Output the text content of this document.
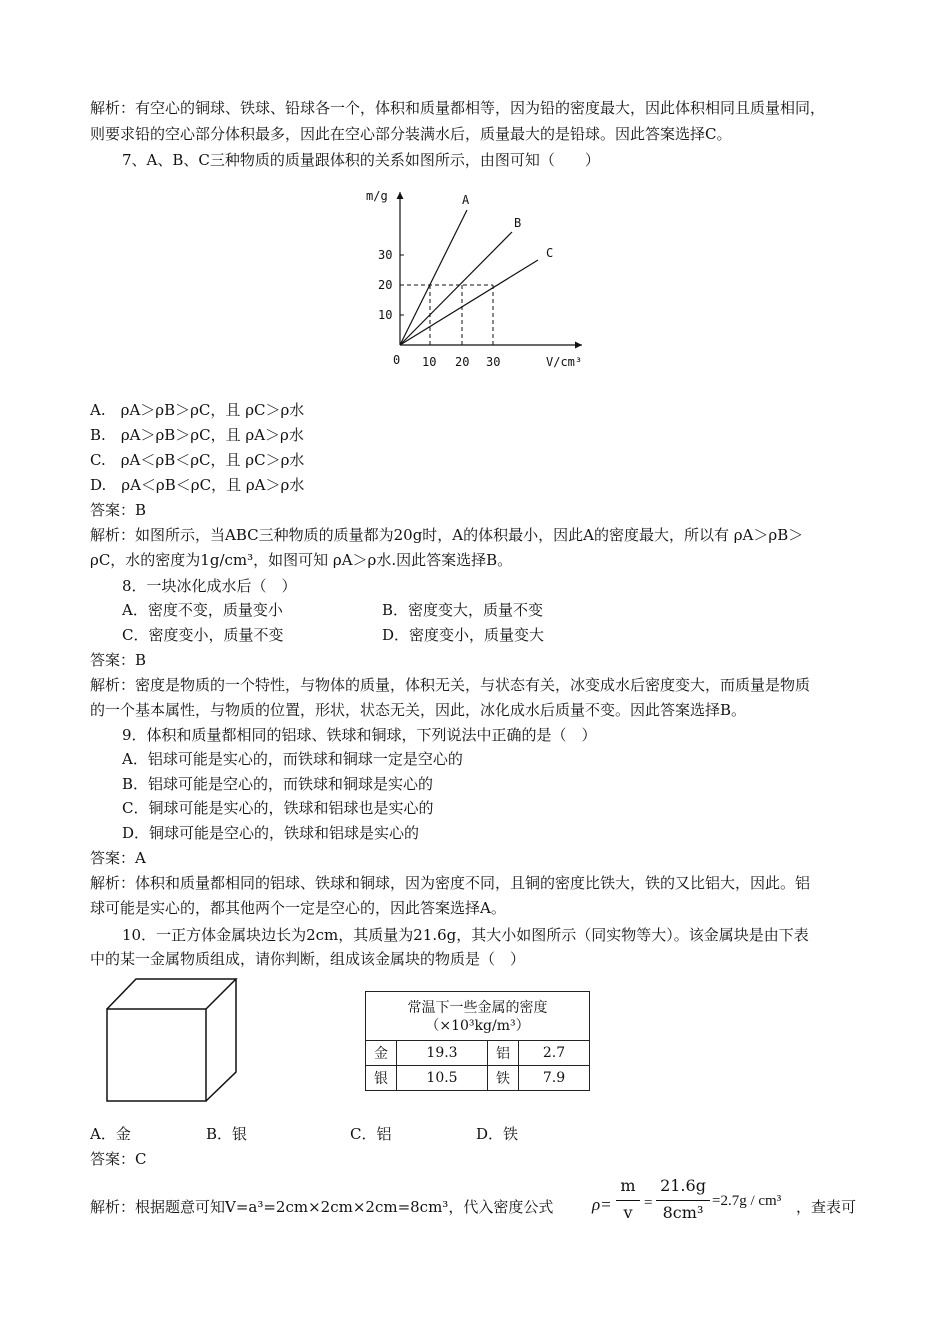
解析：有空心的铜球、铁球、铅球各一个，体积和质量都相等，因为铅的密度最大，因此体积相同且质量相同，
则要求铅的空心部分体积最多，因此在空心部分装满水后，质量最大的是铅球。因此答案选择C。
7、A、B、C三种物质的质量跟体积的关系如图所示，由图可知（　　）
m/g
V/cm³
0
10
20
30
10 20 30
A
B
C
A.　 ρA＞ρB＞ρC，且 ρC＞ρ水
B.　 ρA＞ρB＞ρC，且 ρA＞ρ水
C.　 ρA＜ρB＜ρC，且 ρC＞ρ水
D.　 ρA＜ρB＜ρC，且 ρA＞ρ水
答案：B
解析：如图所示，当ABC三种物质的质量都为20g时，A的体积最小，因此A的密度最大，所以有 ρA＞ρB＞
ρC，水的密度为1g/cm³，如图可知 ρA＞ρ水.因此答案选择B。
8．一块冰化成水后（　）
A．密度不变，质量变小	B．密度变大，质量不变
C．密度变小，质量不变	D．密度变小，质量变大
答案：B
解析：密度是物质的一个特性，与物体的质量，体积无关，与状态有关，冰变成水后密度变大，而质量是物质
的一个基本属性，与物质的位置，形状，状态无关，因此，冰化成水后质量不变。因此答案选择B。
9．体积和质量都相同的铝球、铁球和铜球，下列说法中正确的是（　）
A．铝球可能是实心的，而铁球和铜球一定是空心的
B．铝球可能是空心的，而铁球和铜球是实心的
C．铜球可能是实心的，铁球和铝球也是实心的
D．铜球可能是空心的，铁球和铝球是实心的
答案：A
解析：体积和质量都相同的铝球、铁球和铜球，因为密度不同，且铜的密度比铁大，铁的又比铝大，因此。铝
球可能是实心的，都其他两个一定是空心的，因此答案选择A。
10．一正方体金属块边长为2cm，其质量为21.6g，其大小如图所示（同实物等大）。该金属块是由下表
中的某一金属物质组成，请你判断，组成该金属块的物质是（　）
常温下一些金属的密度
（×10³kg/m³）			

金	19.3	铝	2.7
银	10.5	铁	7.9
A．金	B．银	C．铝	D．铁
答案：C
解析：根据题意可知V=a³=2cm×2cm×2cm=8cm³，代入密度公式 ρ=
m
v =
21.6g
8cm³
=2.7g / cm³ ，查表可
